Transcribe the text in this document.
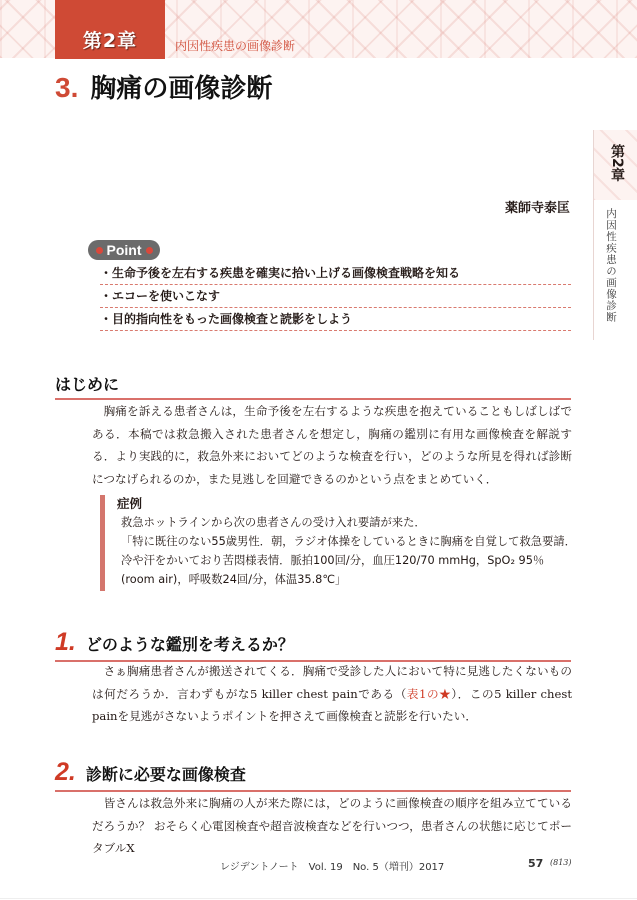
第2章	内因性疾患の画像診断
3. 胸痛の画像診断
第2章
内因性疾患の画像診断
薬師寺泰匡
Point
・生命予後を左右する疾患を確実に拾い上げる画像検査戦略を知る
・エコーを使いこなす
・目的指向性をもった画像検査と読影をしよう
はじめに

胸痛を訴える患者さんは，生命予後を左右するような疾患を抱えていることもしばしばである．本稿では救急搬入された患者さんを想定し，胸痛の鑑別に有用な画像検査を解説する．より実践的に，救急外来においてどのような検査を行い，どのような所見を得れば診断につなげられるのか，また見逃しを回避できるのかという点をまとめていく．

症例
救急ホットラインから次の患者さんの受け入れ要請が来た．
「特に既往のない55歳男性．朝，ラジオ体操をしているときに胸痛を自覚して救急要請．
冷や汗をかいており苦悶様表情．脈拍100回/分，血圧120/70 mmHg，SpO₂ 95％
(room air)，呼吸数24回/分，体温35.8℃」
1. どのような鑑別を考えるか？

さぁ胸痛患者さんが搬送されてくる．胸痛で受診した人において特に見逃したくないものは何だろうか．言わずもがな5 killer chest painである（表1の★）．この5 killer chest painを見逃がさないようポイントを押さえて画像検査と読影を行いたい．

2. 診断に必要な画像検査

皆さんは救急外来に胸痛の人が来た際には，どのように画像検査の順序を組み立てているだろうか？ おそらく心電図検査や超音波検査などを行いつつ，患者さんの状態に応じてポータブルX

レジデントノート　Vol. 19　No. 5（増刊）2017	57 (813)
